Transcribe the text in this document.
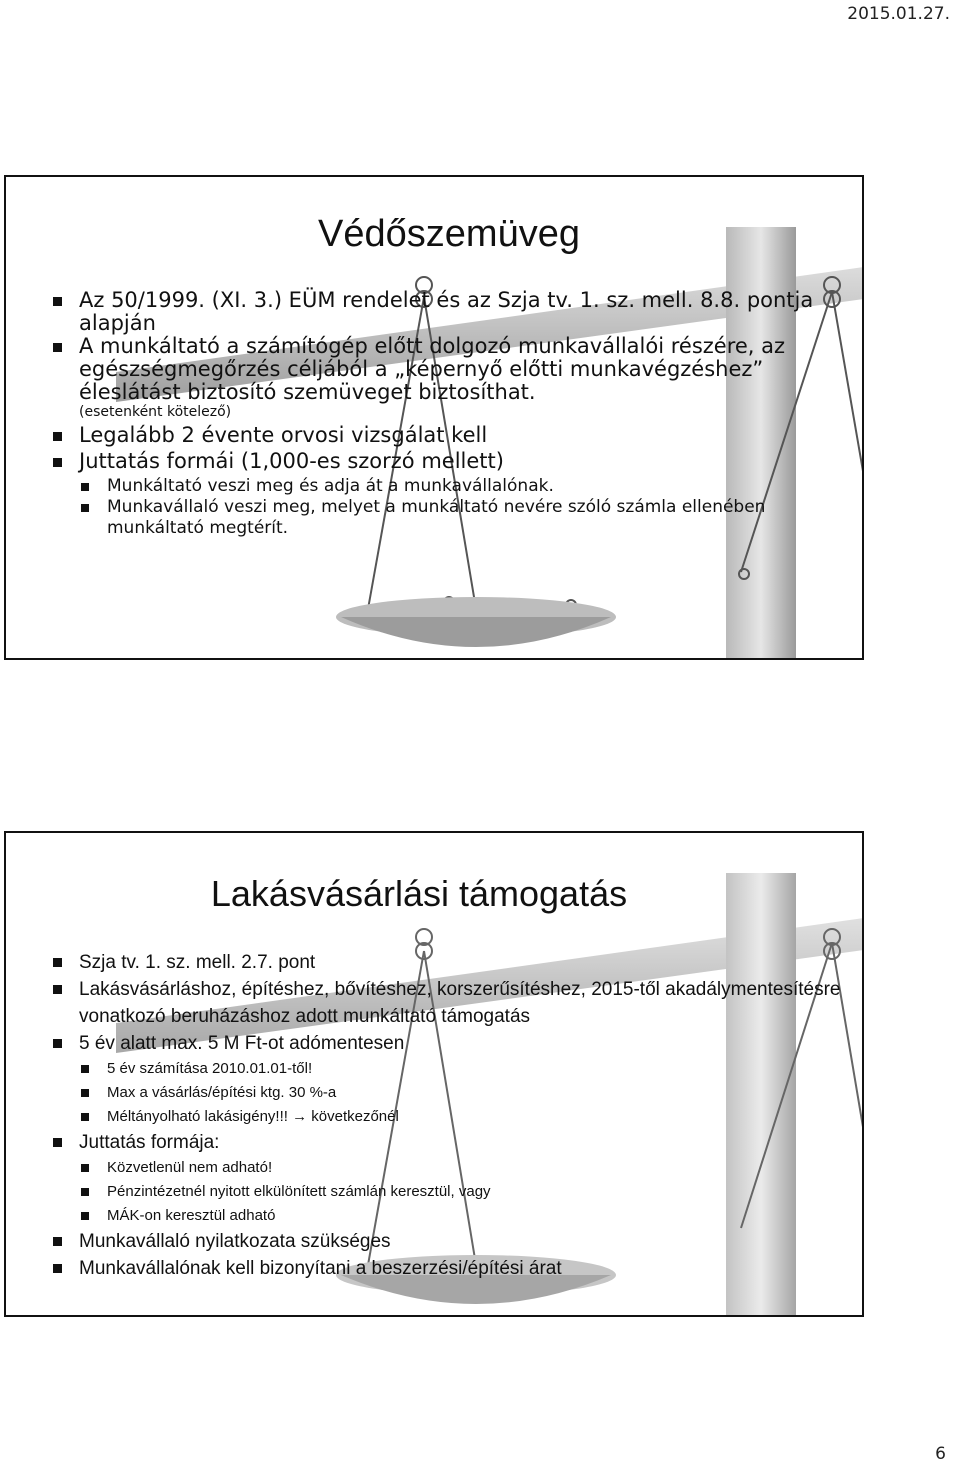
2015.01.27.
Védőszemüveg
Az 50/1999. (XI. 3.) EÜM rendelet és az Szja tv. 1. sz. mell. 8.8. pontja alapján
A munkáltató a számítógép előtt dolgozó munkavállalói részére, az egészségmegőrzés céljából a „képernyő előtti munkavégzéshez” éleslátást biztosító szemüveget biztosíthat.
(esetenként kötelező)
Legalább 2 évente orvosi vizsgálat kell
Juttatás formái (1,000-es szorzó mellett)
Munkáltató veszi meg és adja át a munkavállalónak.
Munkavállaló veszi meg, melyet a munkáltató nevére szóló számla ellenében munkáltató megtérít.
Lakásvásárlási támogatás
Szja tv. 1. sz. mell. 2.7. pont
Lakásvásárláshoz, építéshez, bővítéshez, korszerűsítéshez, 2015-től akadálymentesítésre vonatkozó beruházáshoz adott munkáltató támogatás
5 év alatt max. 5 M Ft-ot adómentesen
5 év számítása 2010.01.01-től!
Max a vásárlás/építési ktg. 30 %-a
Méltányolható lakásigény!!! → következőnél
Juttatás formája:
Közvetlenül nem adható!
Pénzintézetnél nyitott elkülönített számlán keresztül, vagy
MÁK-on keresztül adható
Munkavállaló nyilatkozata szükséges
Munkavállalónak kell bizonyítani a beszerzési/építési árat
6
